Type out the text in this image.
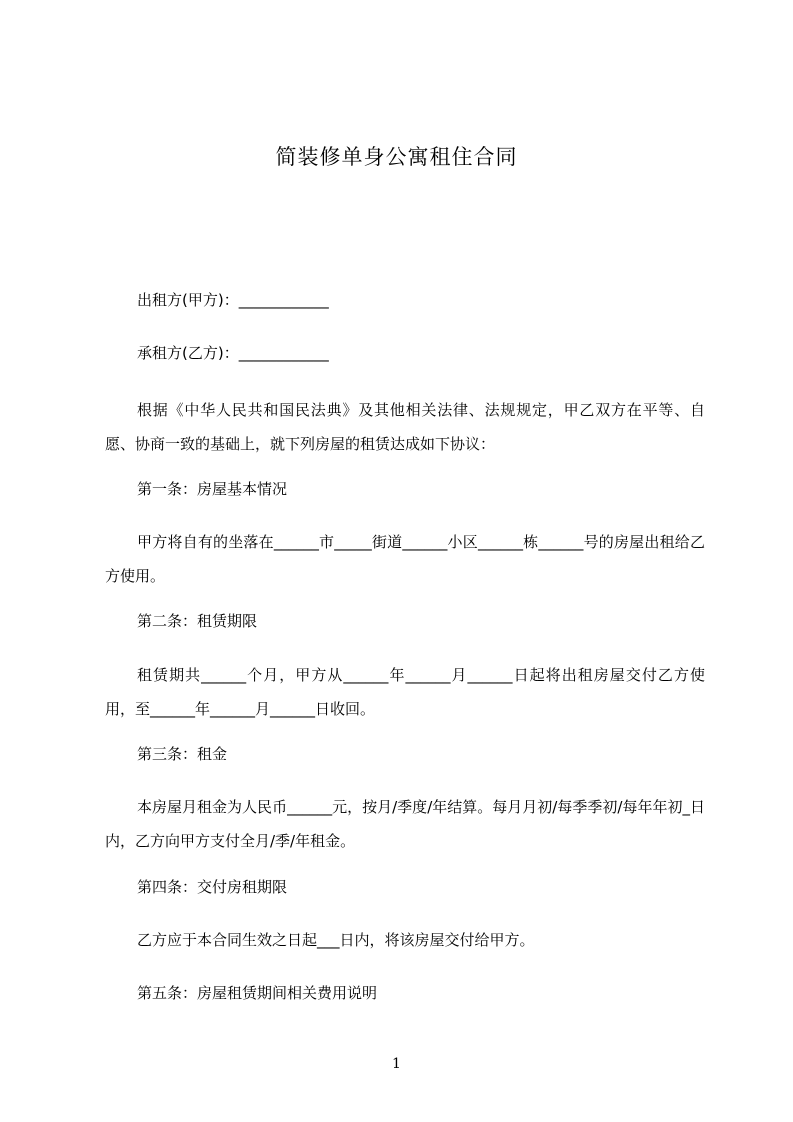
简装修单身公寓租住合同
出租方(甲方)：____________
承租方(乙方)：____________
根据《中华人民共和国民法典》及其他相关法律、法规规定，甲乙双方在平等、自愿、协商一致的基础上，就下列房屋的租赁达成如下协议：
第一条：房屋基本情况
甲方将自有的坐落在______市_____街道______小区______栋______号的房屋出租给乙方使用。
第二条：租赁期限
租赁期共______个月，甲方从______年______月______日起将出租房屋交付乙方使用，至______年______月______日收回。
第三条：租金
本房屋月租金为人民币______元，按月/季度/年结算。每月月初/每季季初/每年年初_日内，乙方向甲方支付全月/季/年租金。
第四条：交付房租期限
乙方应于本合同生效之日起___日内，将该房屋交付给甲方。
第五条：房屋租赁期间相关费用说明
1
